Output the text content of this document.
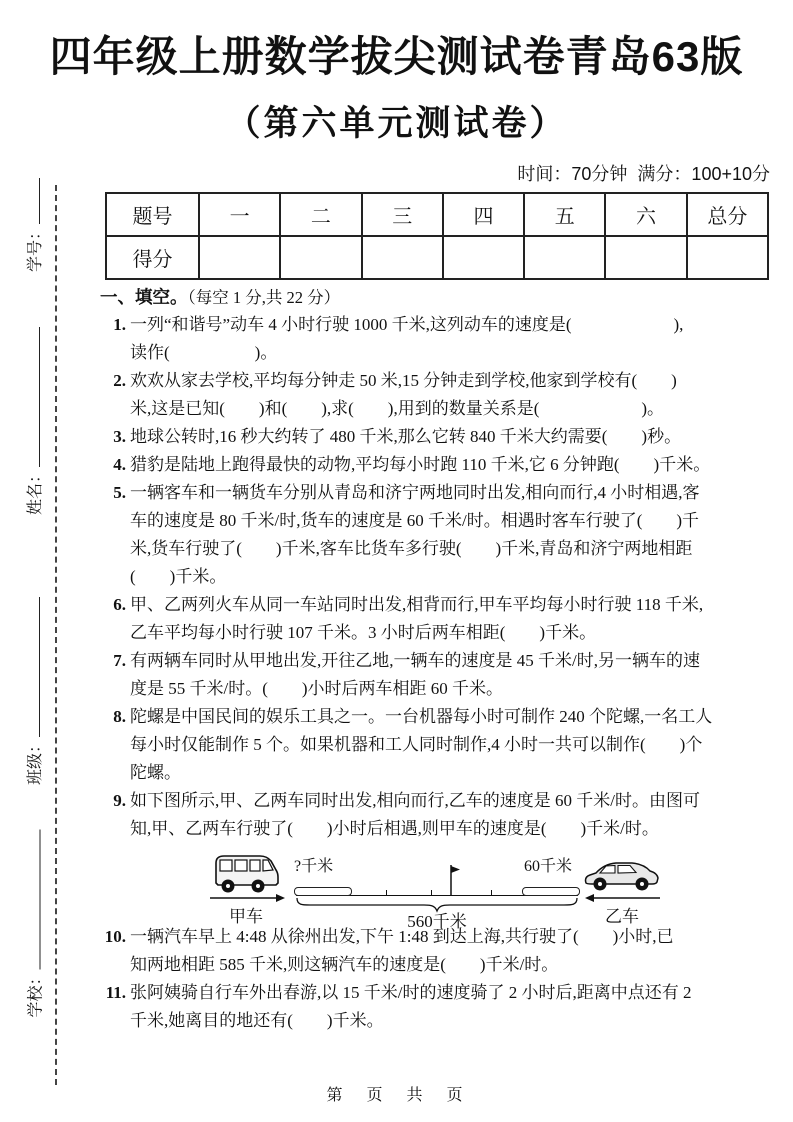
学号：
姓名：
班级：
学校：
四年级上册数学拔尖测试卷青岛63版
（第六单元测试卷）
时间：70分钟  满分：100+10分
题号	一	二	三	四	五	六	总分
得分							
一、填空。（每空 1 分,共 22 分）
1. 一列“和谐号”动车 4 小时行驶 1000 千米,这列动车的速度是(　　　　　　),
读作(　　　　　)。
2. 欢欢从家去学校,平均每分钟走 50 米,15 分钟走到学校,他家到学校有(　　)
米,这是已知(　　)和(　　),求(　　),用到的数量关系是(　　　　　　)。
3. 地球公转时,16 秒大约转了 480 千米,那么它转 840 千米大约需要(　　)秒。
4. 猎豹是陆地上跑得最快的动物,平均每小时跑 110 千米,它 6 分钟跑(　　)千米。
5. 一辆客车和一辆货车分别从青岛和济宁两地同时出发,相向而行,4 小时相遇,客
车的速度是 80 千米/时,货车的速度是 60 千米/时。相遇时客车行驶了(　　)千
米,货车行驶了(　　)千米,客车比货车多行驶(　　)千米,青岛和济宁两地相距
(　　)千米。
6. 甲、乙两列火车从同一车站同时出发,相背而行,甲车平均每小时行驶 118 千米,
乙车平均每小时行驶 107 千米。3 小时后两车相距(　　)千米。
7. 有两辆车同时从甲地出发,开往乙地,一辆车的速度是 45 千米/时,另一辆车的速
度是 55 千米/时。(　　)小时后两车相距 60 千米。
8. 陀螺是中国民间的娱乐工具之一。一台机器每小时可制作 240 个陀螺,一名工人
每小时仅能制作 5 个。如果机器和工人同时制作,4 小时一共可以制作(　　)个
陀螺。
9. 如下图所示,甲、乙两车同时出发,相向而行,乙车的速度是 60 千米/时。由图可
知,甲、乙两车行驶了(　　)小时后相遇,则甲车的速度是(　　)千米/时。
甲车
?千米	60千米
560千米	乙车
10. 一辆汽车早上 4:48 从徐州出发,下午 1:48 到达上海,共行驶了(　　)小时,已
知两地相距 585 千米,则这辆汽车的速度是(　　)千米/时。
11. 张阿姨骑自行车外出春游,以 15 千米/时的速度骑了 2 小时后,距离中点还有 2
千米,她离目的地还有(　　)千米。
第　页　共　页
